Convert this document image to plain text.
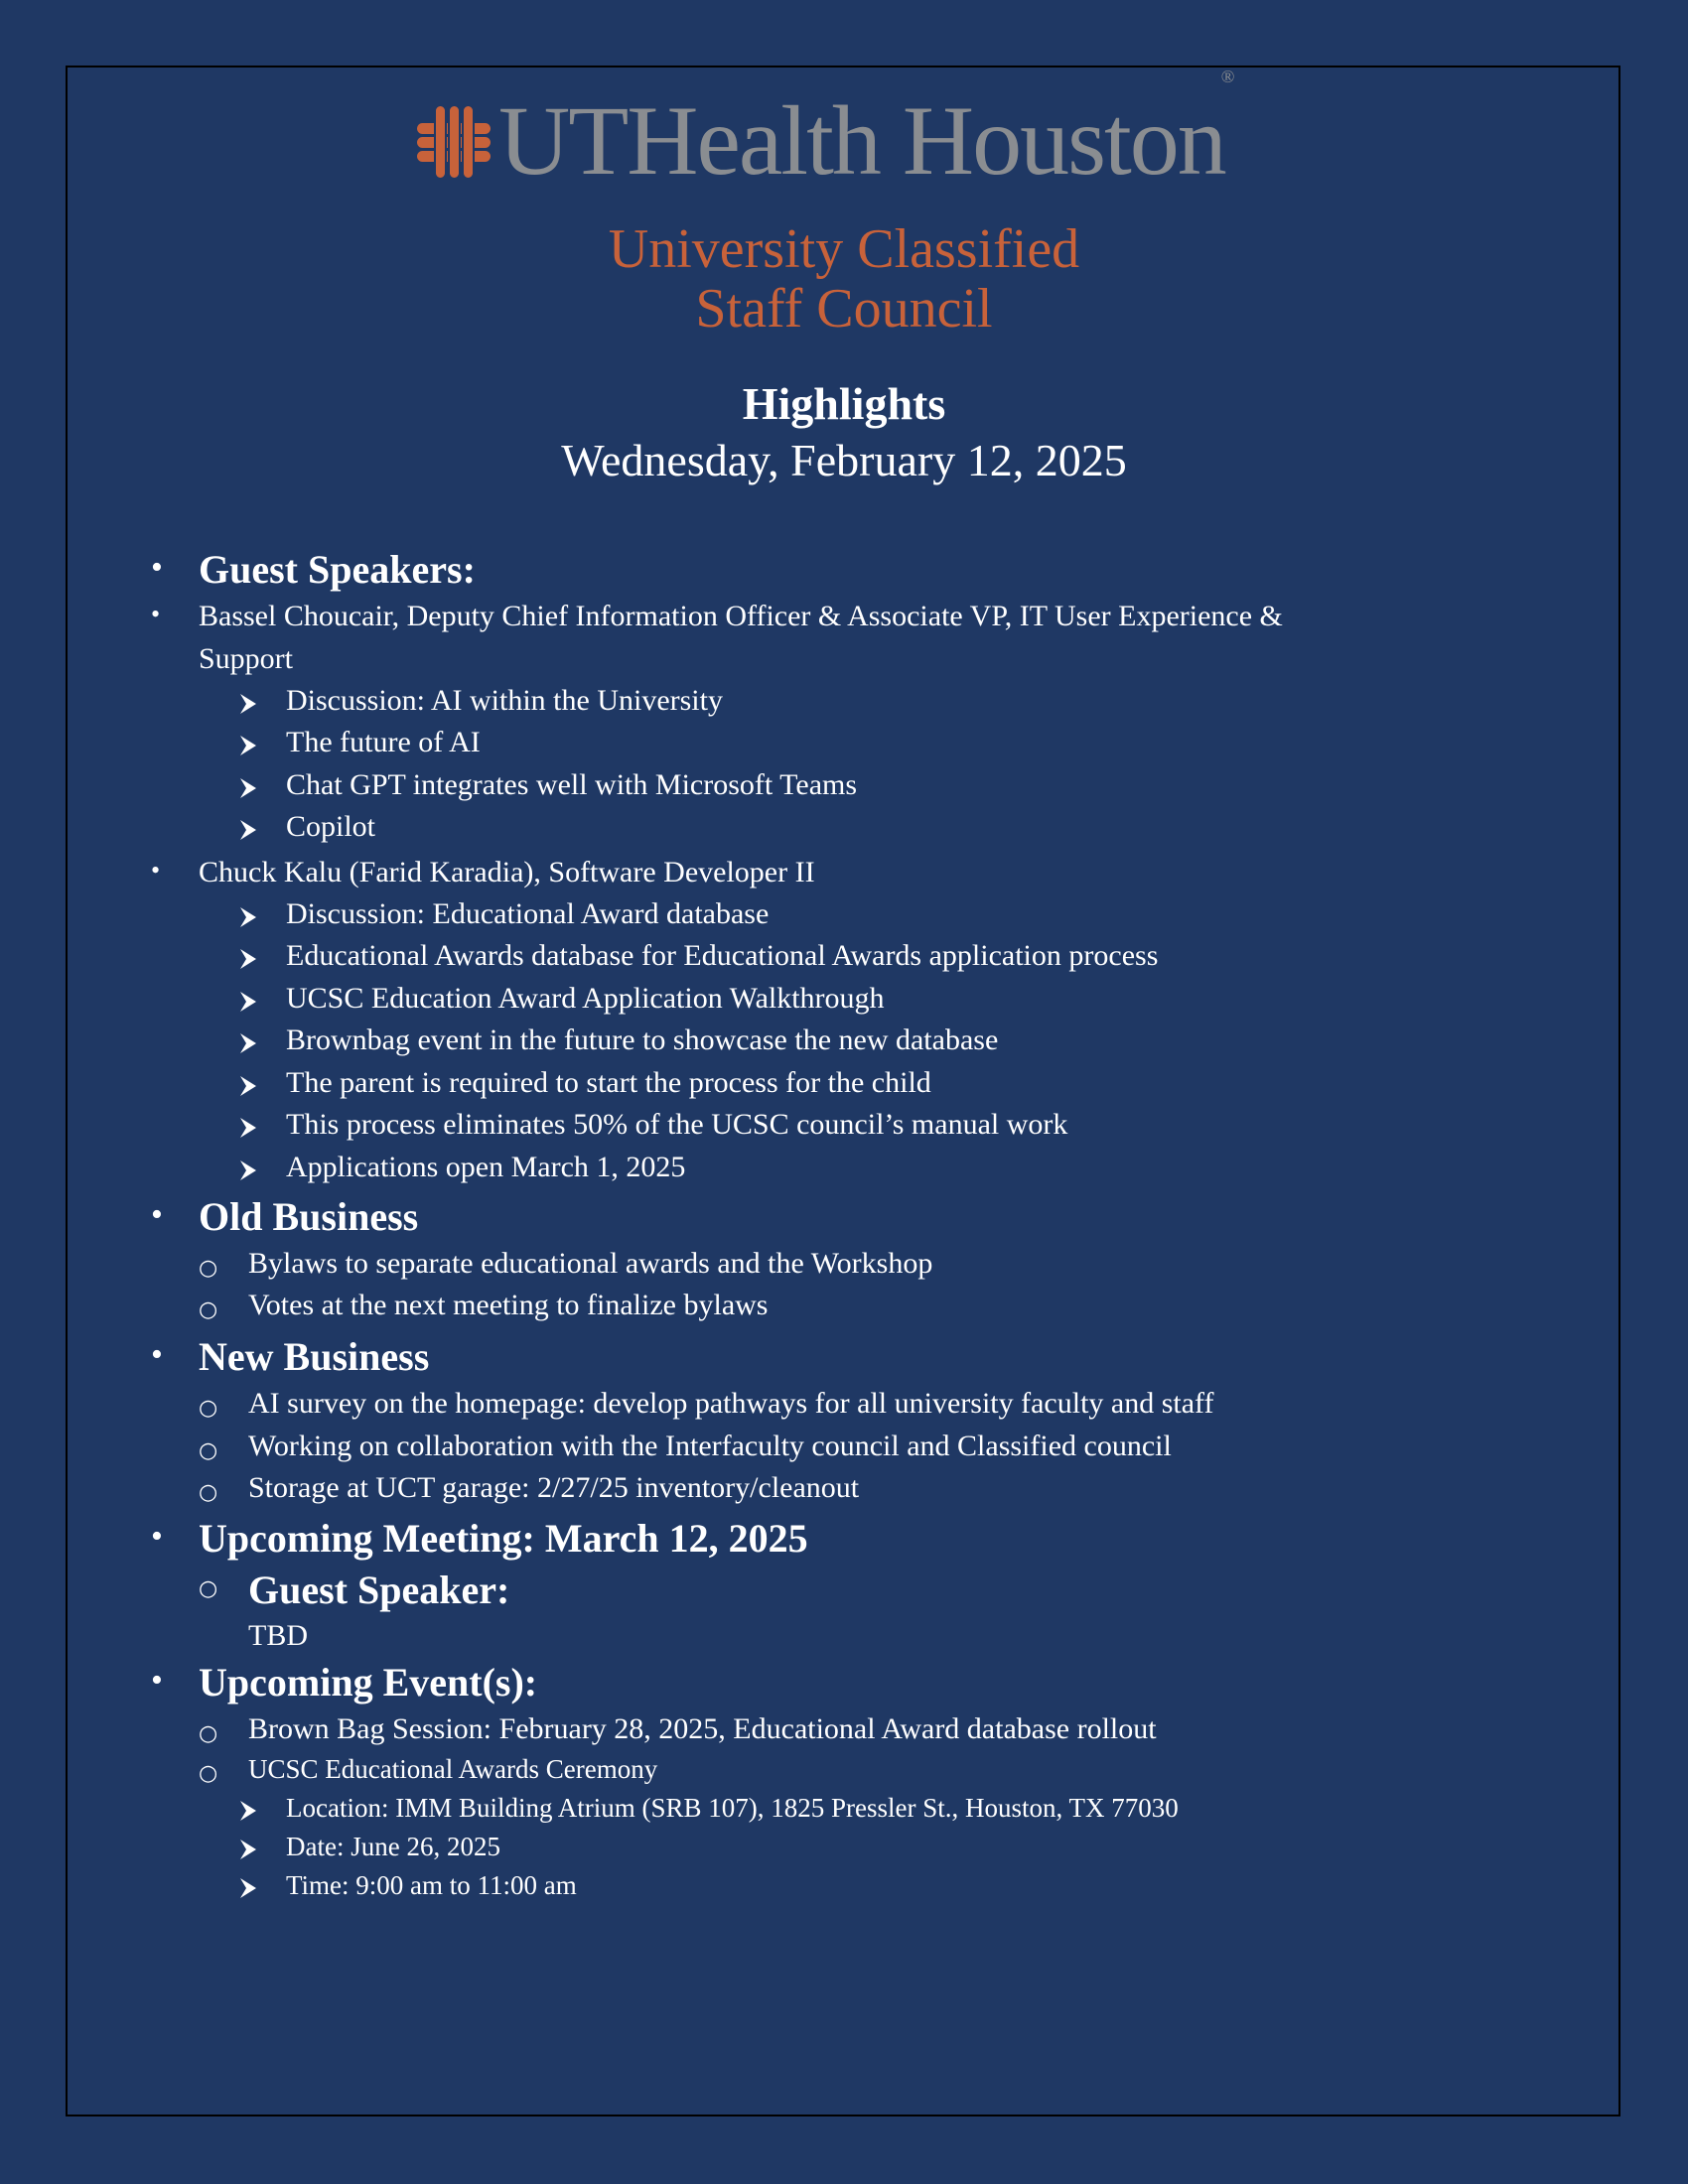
UTHealth Houston®
University Classified
Staff Council
Highlights
Wednesday, February 12, 2025
•
Guest Speakers:
•
Bassel Choucair, Deputy Chief Information Officer & Associate VP, IT User Experience &
Support
Discussion: AI within the University
The future of AI
Chat GPT integrates well with Microsoft Teams
Copilot
•
Chuck Kalu (Farid Karadia), Software Developer II
Discussion: Educational Award database
Educational Awards database for Educational Awards application process
UCSC Education Award Application Walkthrough
Brownbag event in the future to showcase the new database
The parent is required to start the process for the child
This process eliminates 50% of the UCSC council’s manual work
Applications open March 1, 2025
•
Old Business
○ Bylaws to separate educational awards and the Workshop
○ Votes at the next meeting to finalize bylaws
•
New Business
○ AI survey on the homepage: develop pathways for all university faculty and staff
○ Working on collaboration with the Interfaculty council and Classified council
○ Storage at UCT garage: 2/27/25 inventory/cleanout
•
Upcoming Meeting: March 12, 2025
○ Guest Speaker:
TBD
•
Upcoming Event(s):
○ Brown Bag Session: February 28, 2025, Educational Award database rollout
○ UCSC Educational Awards Ceremony
Location: IMM Building Atrium (SRB 107), 1825 Pressler St., Houston, TX 77030
Date: June 26, 2025
Time: 9:00 am to 11:00 am
